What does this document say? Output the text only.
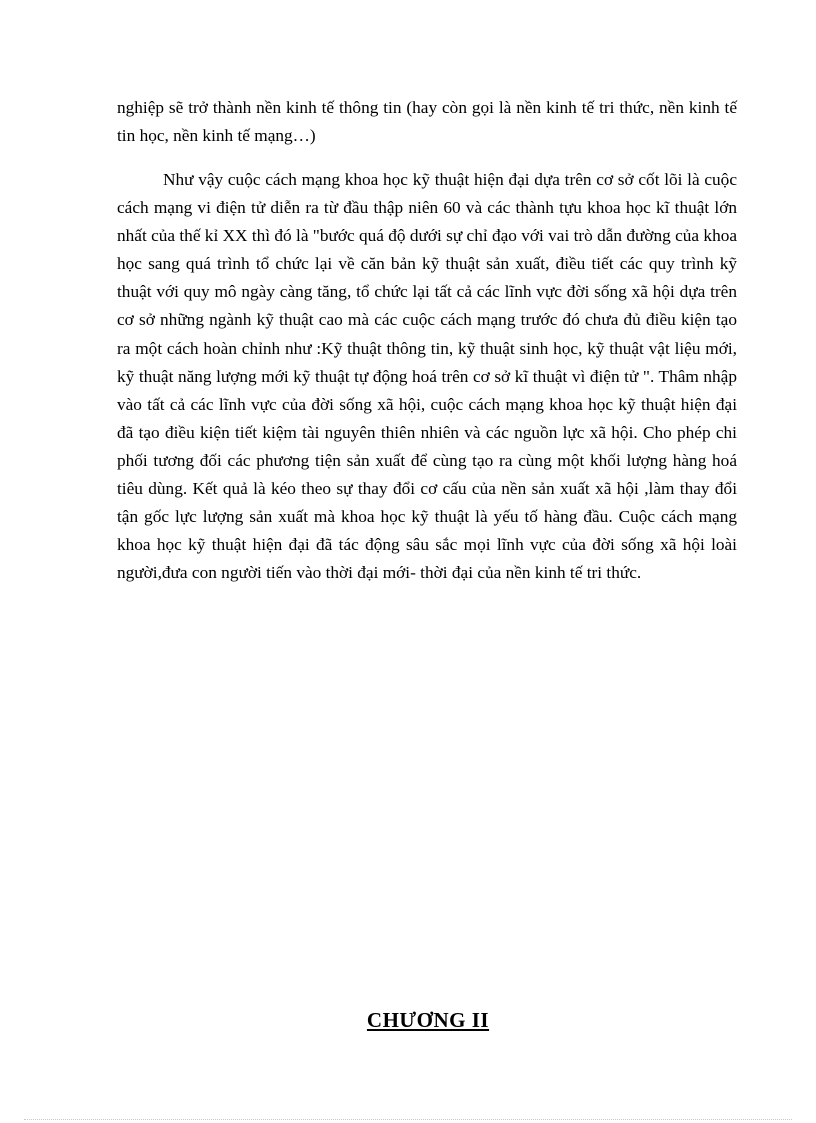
nghiệp sẽ trở thành nền kinh tế thông tin (hay còn gọi là nền kinh tế tri thức, nền kinh tế tin học, nền kinh tế mạng…)

Như vậy cuộc cách mạng khoa học kỹ thuật hiện đại dựa trên cơ sở cốt lõi là cuộc cách mạng vi điện tử diễn ra từ đầu thập niên 60 và các thành tựu khoa học kĩ thuật lớn nhất của thế kỉ XX thì đó là "bước quá độ dưới sự chỉ đạo với vai trò dẫn đường của khoa học sang quá trình tổ chức lại về căn bản kỹ thuật sản xuất, điều tiết các quy trình kỹ thuật với quy mô ngày càng tăng, tổ chức lại tất cả các lĩnh vực đời sống xã hội dựa trên cơ sở những ngành kỹ thuật cao mà các cuộc cách mạng trước đó chưa đủ điều kiện tạo ra một cách hoàn chỉnh như :Kỹ thuật thông tin, kỹ thuật sinh học, kỹ thuật vật liệu mới, kỹ thuật năng lượng mới kỹ thuật tự động hoá trên cơ sở kĩ thuật vì điện tử ". Thâm nhập vào tất cả các lĩnh vực của đời sống xã hội, cuộc cách mạng khoa học kỹ thuật hiện đại đã tạo điều kiện tiết kiệm tài nguyên thiên nhiên và các nguồn lực xã hội. Cho phép chi phối tương đối các phương tiện sản xuất để cùng tạo ra cùng một khối lượng hàng hoá tiêu dùng. Kết quả là kéo theo sự thay đổi cơ cấu của nền sản xuất xã hội ,làm thay đổi tận gốc lực lượng sản xuất mà khoa học kỹ thuật là yếu tố hàng đầu. Cuộc cách mạng khoa học kỹ thuật hiện đại đã tác động sâu sắc mọi lĩnh vực của đời sống xã hội loài người,đưa con người tiến vào thời đại mới- thời đại của nền kinh tế tri thức.

CHƯƠNG II
